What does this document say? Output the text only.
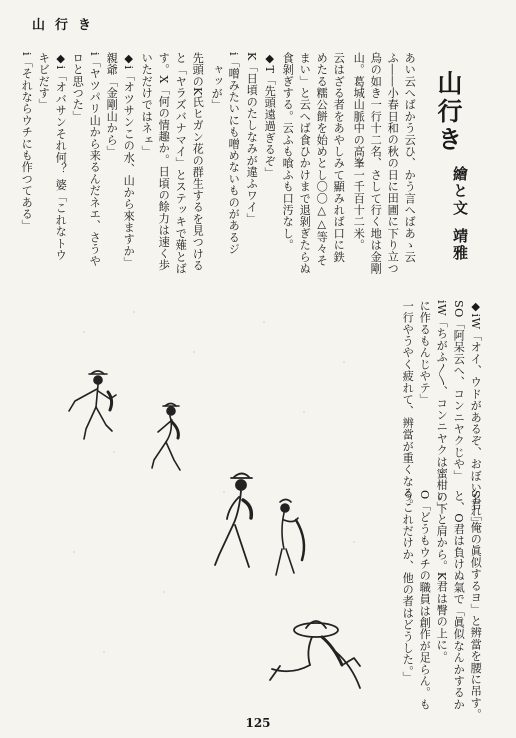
山行き
山行き
繪と文
靖雅
あい云へばかう云ひ、かう言へばあゝ云
ふ――小春日和の秋の日に田圃に下り立つ
烏の如き一行十二名、さして行く地は金剛
山。葛城山脈中の高峯一千百十二米。
云はざる者をあやしみて顯みれば口に鉄
めたる糯公餅を始めとし〇〇△△等々そ
まい」と云へば食ひかけまで退剝ぎたらぬ
食剝ぎする。云ふも喰ふも口汚なし。
◆T「先頭遠過ぎるぞ」
K「日頃のたしなみが違ふワイ」
i「噌みたいにも噌めないものがあるジ
ャッが」
先頭のK氏ヒガン花の群生するを見つける
と「ヤラズバナマイ」とステッキで薙とば
す。X「何の情趣か。日頃の餘力は速く歩
いただけではネェ」
◆i「オツサンこの水、山から來ますか」
親爺「金剛山から」
i「ヤツパリ山から来るんだネエ、さうや
ロと思つた」
◆i「オバサンそれ何？ 婆「これなトウ
キビだす」
i「それならウチにも作つてある」
◆iW「オイ、ウドがあるぞ、おぼいとれ」
SO「阿呆云へ、コンニヤクじや」
iW「ちがふ〳〵、コンニヤクは蜜柑の下
に作るもんじやテ」
一行やうやく疲れて、辨當が重くなる。
S君「俺の眞似するヨ」と辨當を腰に吊す。
と、O君は負けぬ氣で「眞似なんかするか
い」と肩から。K君は臀の上に。
O「どうもウチの職員は創作が足らん。も
うこれだけか、他の者はどうした。」
125
